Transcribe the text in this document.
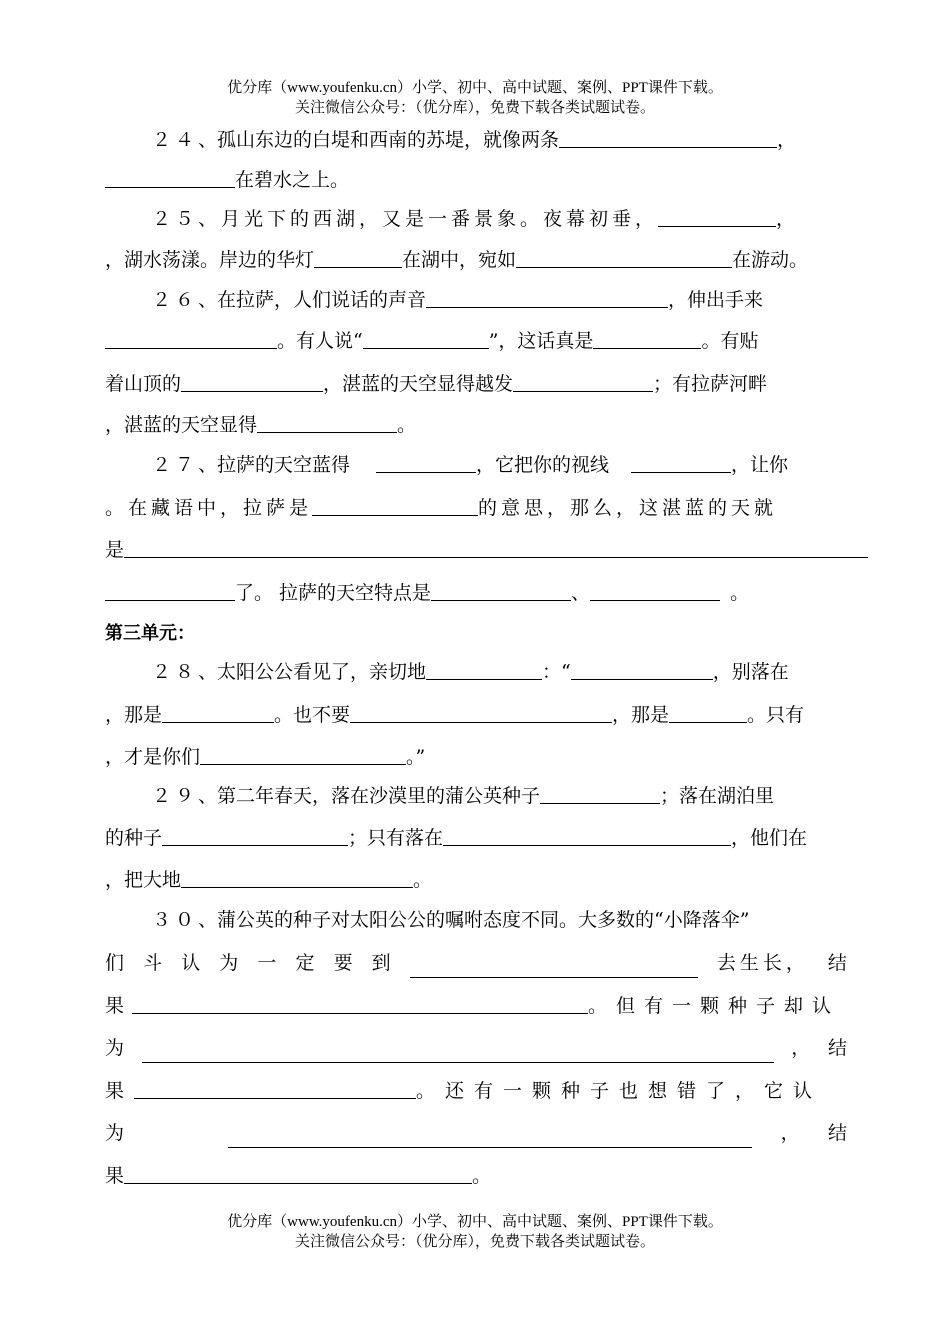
优分库（www.youfenku.cn）小学、初中、高中试题、案例、PPT课件下载。
关注微信公众号：（优分库），免费下载各类试题试卷。
２４、孤山东边的白堤和西南的苏堤，就像两条	，
在碧水之上。
２５、月光下的西湖，又是一番景象。夜幕初垂，	，
，湖水荡漾。岸边的华灯	在湖中，宛如	在游动。
２６、在拉萨，人们说话的声音	，伸出手来
。有人说“	”，这话真是	。有贴
着山顶的	，湛蓝的天空显得越发	；有拉萨河畔
，湛蓝的天空显得	。
２７、拉萨的天空蓝得	，它把你的视线	，让你
。在藏语中，拉萨是	的意思，那么，这湛蓝的天就
是
了。 拉萨的天空特点是	、	。
第三单元：
２８、太阳公公看见了，亲切地	：“	，别落在
，那是	。也不要	，那是	。只有
，才是你们	。”
２９、第二年春天，落在沙漠里的蒲公英种子	；落在湖泊里
的种子	；只有落在	，他们在
，把大地	。
３０、蒲公英的种子对太阳公公的嘱咐态度不同。大多数的“小降落伞”
们 斗 认 为 一 定 要 到	去生长， 结
果	。但有一颗种子却认
为	， 结
果	。还有一颗种子也想错了，它认
为	， 结
果	。
优分库（www.youfenku.cn）小学、初中、高中试题、案例、PPT课件下载。
关注微信公众号：（优分库），免费下载各类试题试卷。
